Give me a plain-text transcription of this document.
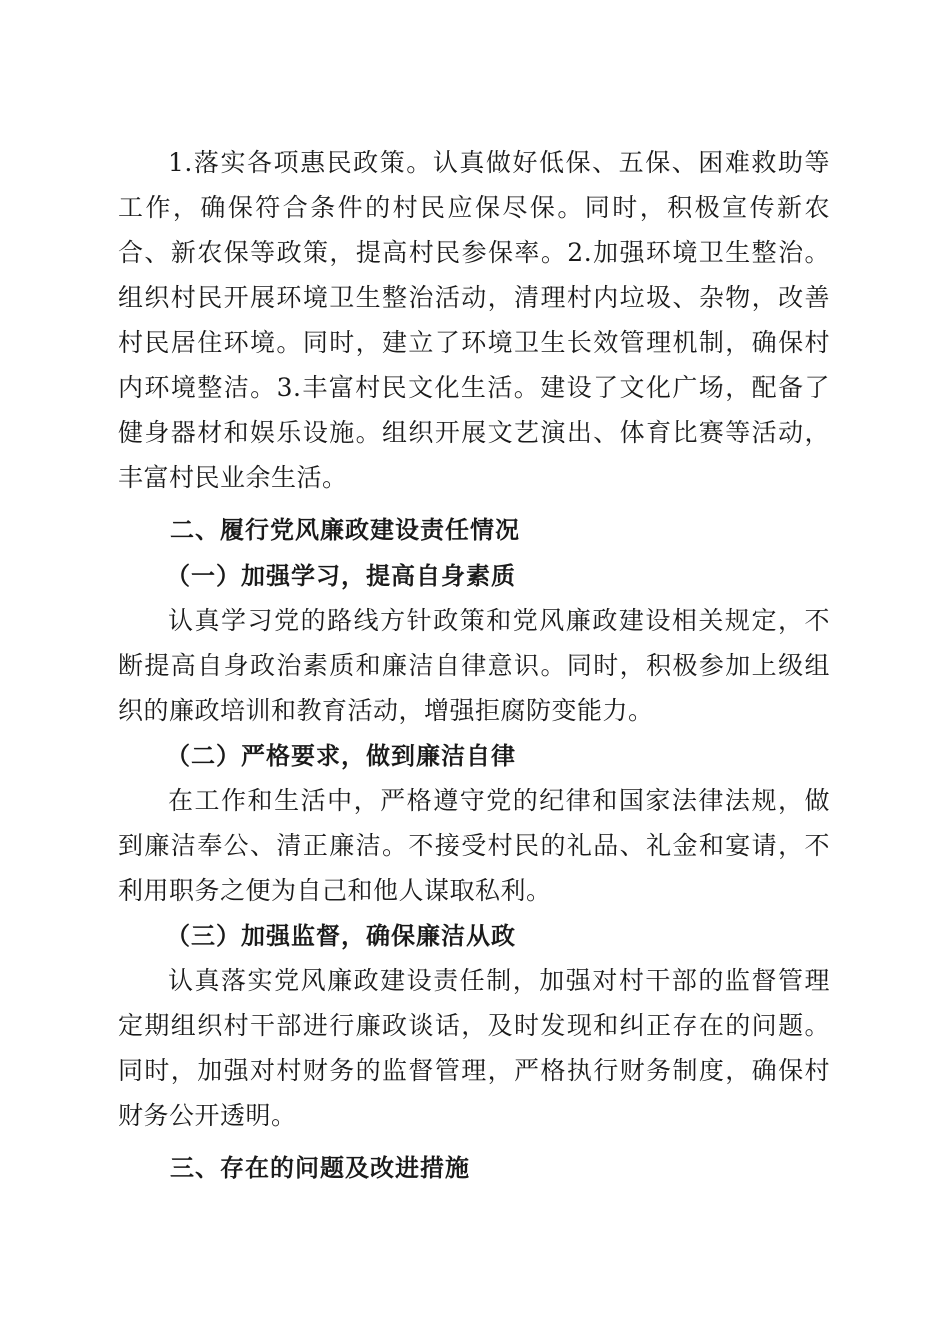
1.落实各项惠民政策。认真做好低保、五保、困难救助等工作，确保符合条件的村民应保尽保。同时，积极宣传新农合、新农保等政策，提高村民参保率。2.加强环境卫生整治。组织村民开展环境卫生整治活动，清理村内垃圾、杂物，改善村民居住环境。同时，建立了环境卫生长效管理机制，确保村内环境整洁。3.丰富村民文化生活。建设了文化广场，配备了健身器材和娱乐设施。组织开展文艺演出、体育比赛等活动，丰富村民业余生活。

二、履行党风廉政建设责任情况
（一）加强学习，提高自身素质

认真学习党的路线方针政策和党风廉政建设相关规定，不断提高自身政治素质和廉洁自律意识。同时，积极参加上级组织的廉政培训和教育活动，增强拒腐防变能力。

（二）严格要求，做到廉洁自律

在工作和生活中，严格遵守党的纪律和国家法律法规，做到廉洁奉公、清正廉洁。不接受村民的礼品、礼金和宴请，不利用职务之便为自己和他人谋取私利。

（三）加强监督，确保廉洁从政

认真落实党风廉政建设责任制，加强对村干部的监督管理定期组织村干部进行廉政谈话，及时发现和纠正存在的问题。同时，加强对村财务的监督管理，严格执行财务制度，确保村财务公开透明。

三、存在的问题及改进措施
